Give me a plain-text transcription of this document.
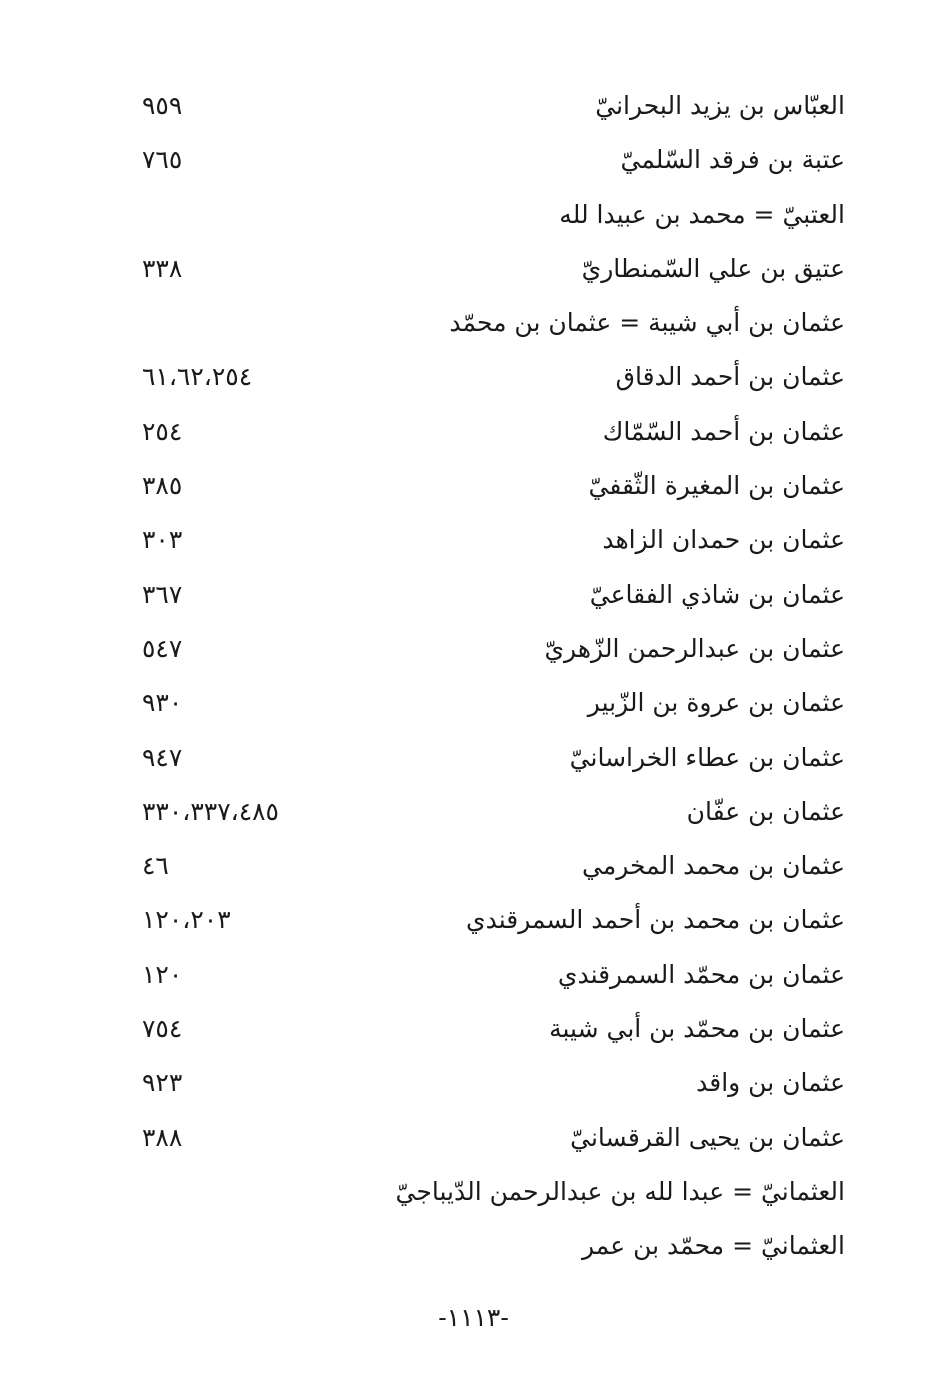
العبّاس بن يزيد البحرانيّ
٩٥٩
عتبة بن فرقد السّلميّ
٧٦٥
العتبيّ = محمد بن عبيدا لله
عتيق بن علي السّمنطاريّ
٣٣٨
عثمان بن أبي شيبة = عثمان بن محمّد
عثمان بن أحمد الدقاق
٦١،٦٢،٢٥٤
عثمان بن أحمد السّمّاك
٢٥٤
عثمان بن المغيرة الثّقفيّ
٣٨٥
عثمان بن حمدان الزاهد
٣٠٣
عثمان بن شاذي الفقاعيّ
٣٦٧
عثمان بن عبدالرحمن الزّهريّ
٥٤٧
عثمان بن عروة بن الزّبير
٩٣٠
عثمان بن عطاء الخراسانيّ
٩٤٧
عثمان بن عفّان
٣٣٠،٣٣٧،٤٨٥
عثمان بن محمد المخرمي
٤٦
عثمان بن محمد بن أحمد السمرقندي
١٢٠،٢٠٣
عثمان بن محمّد السمرقندي
١٢٠
عثمان بن محمّد بن أبي شيبة
٧٥٤
عثمان بن واقد
٩٢٣
عثمان بن يحيى القرقسانيّ
٣٨٨
العثمانيّ = عبدا لله بن عبدالرحمن الدّيباجيّ
العثمانيّ = محمّد بن عمر
-١١١٣-
